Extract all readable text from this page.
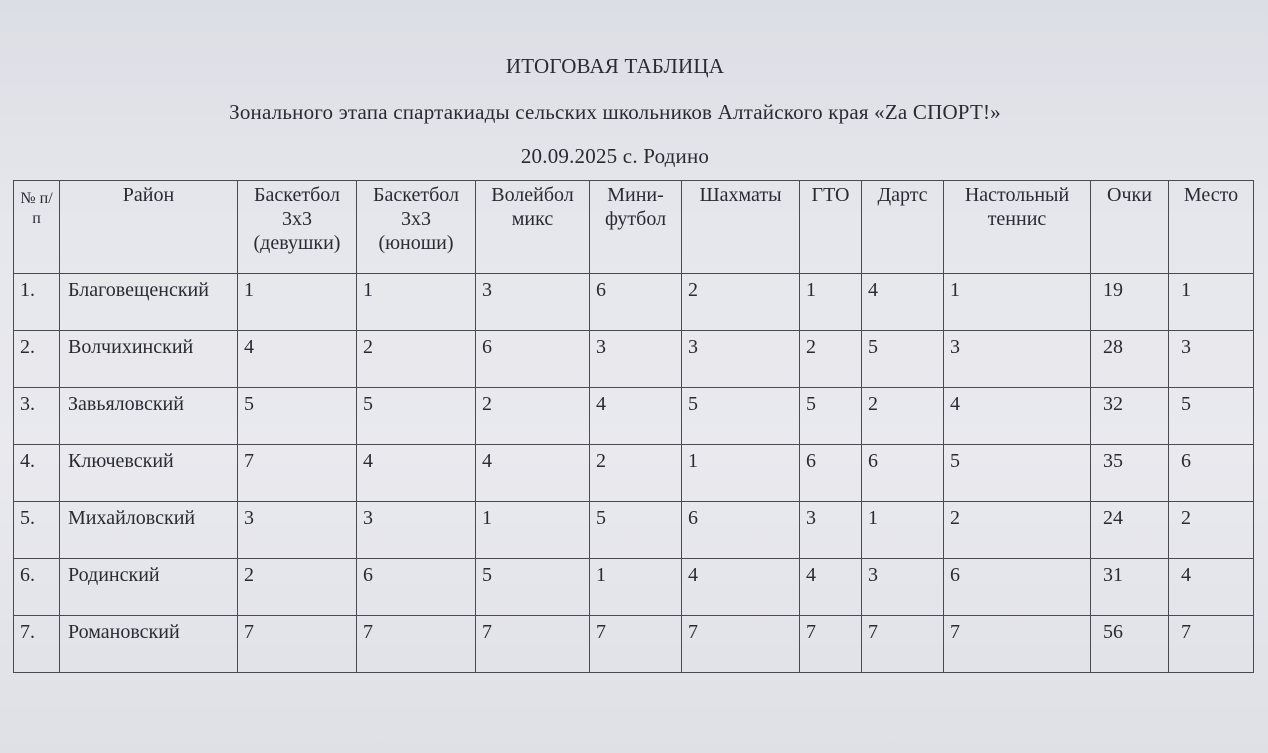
ИТОГОВАЯ ТАБЛИЦА
Зонального этапа спартакиады сельских школьников Алтайского края «Zа СПОРТ!»
20.09.2025 с. Родино
№ п/п	Район	Баскетбол 3х3 (девушки)	Баскетбол 3х3 (юноши)	Волейбол микс	Мини-футбол	Шахматы	ГТО	Дартс	Настольный теннис	Очки	Место
1.	Благовещенский	1	1	3	6	2	1	4	1	19	1
2.	Волчихинский	4	2	6	3	3	2	5	3	28	3
3.	Завьяловский	5	5	2	4	5	5	2	4	32	5
4.	Ключевский	7	4	4	2	1	6	6	5	35	6
5.	Михайловский	3	3	1	5	6	3	1	2	24	2
6.	Родинский	2	6	5	1	4	4	3	6	31	4
7.	Романовский	7	7	7	7	7	7	7	7	56	7
